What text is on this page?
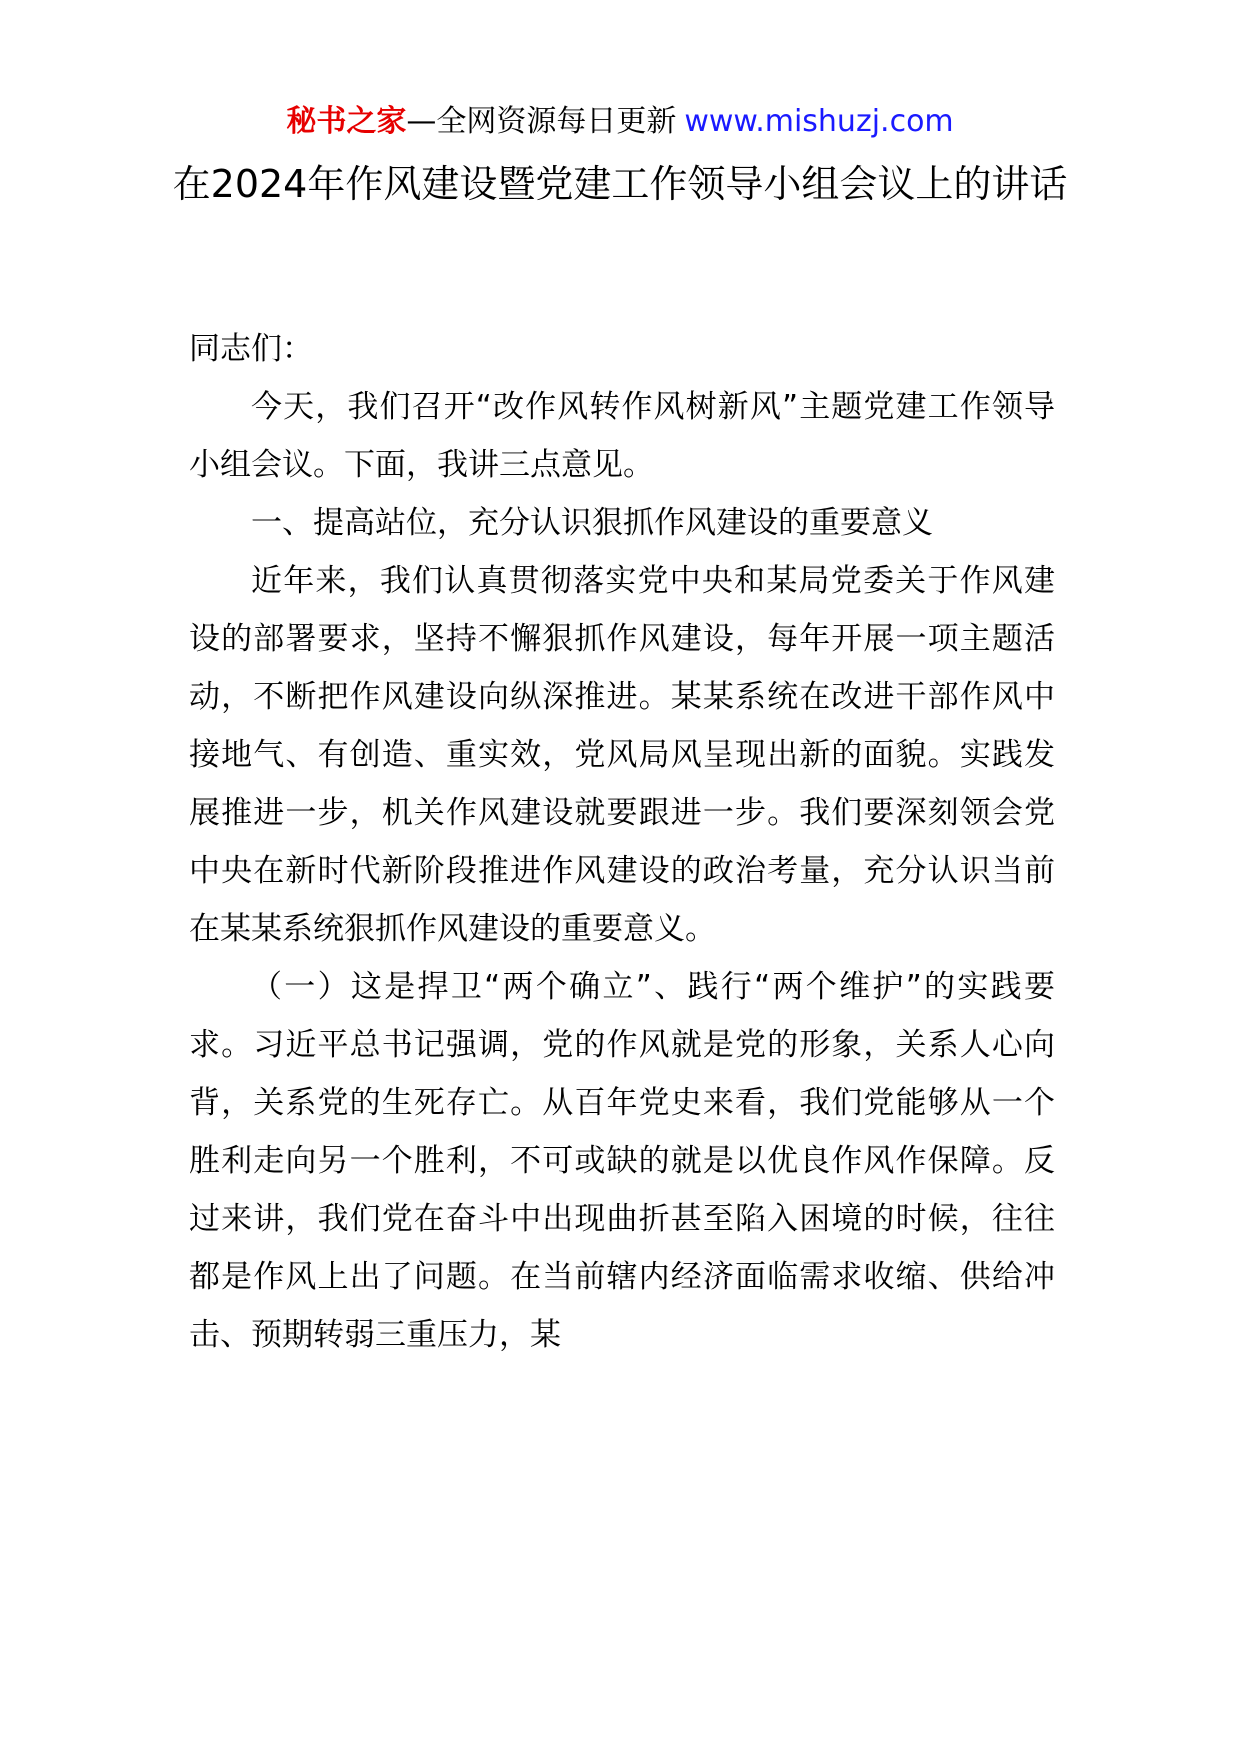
秘书之家—全网资源每日更新 www.mishuzj.com
在2024年作风建设暨党建工作领导小组会议上的讲话

同志们：

今天，我们召开“改作风转作风树新风”主题党建工作领导小组会议。下面，我讲三点意见。

一、提高站位，充分认识狠抓作风建设的重要意义

近年来，我们认真贯彻落实党中央和某局党委关于作风建设的部署要求，坚持不懈狠抓作风建设，每年开展一项主题活动，不断把作风建设向纵深推进。某某系统在改进干部作风中接地气、有创造、重实效，党风局风呈现出新的面貌。实践发展推进一步，机关作风建设就要跟进一步。我们要深刻领会党中央在新时代新阶段推进作风建设的政治考量，充分认识当前在某某系统狠抓作风建设的重要意义。

（一）这是捍卫“两个确立”、践行“两个维护”的实践要求。习近平总书记强调，党的作风就是党的形象，关系人心向背，关系党的生死存亡。从百年党史来看，我们党能够从一个胜利走向另一个胜利，不可或缺的就是以优良作风作保障。反过来讲，我们党在奋斗中出现曲折甚至陷入困境的时候，往往都是作风上出了问题。在当前辖内经济面临需求收缩、供给冲击、预期转弱三重压力，某
